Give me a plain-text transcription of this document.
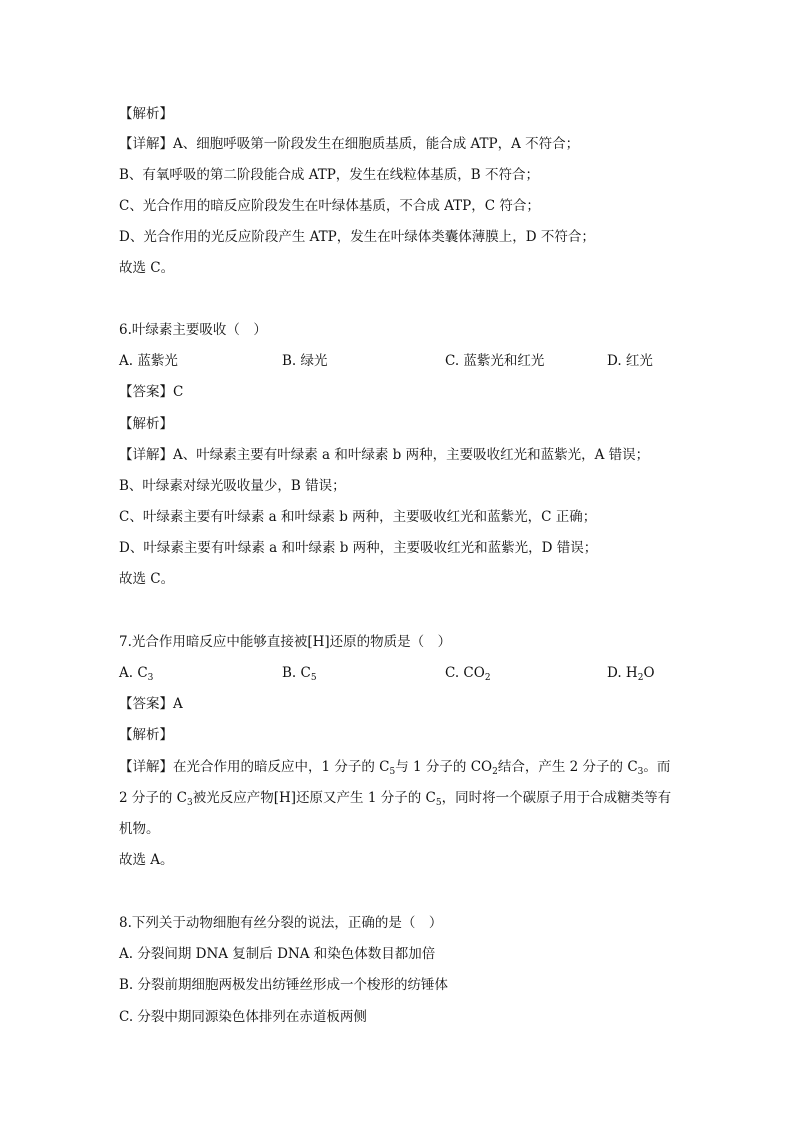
【解析】
【详解】A、细胞呼吸第一阶段发生在细胞质基质，能合成 ATP，A 不符合；
B、有氧呼吸的第二阶段能合成 ATP，发生在线粒体基质，B 不符合；
C、光合作用的暗反应阶段发生在叶绿体基质，不合成 ATP，C 符合；
D、光合作用的光反应阶段产生 ATP，发生在叶绿体类囊体薄膜上，D 不符合；
故选 C。
6.叶绿素主要吸收（　）
A. 蓝紫光	B. 绿光	C. 蓝紫光和红光	D. 红光
【答案】C
【解析】
【详解】A、叶绿素主要有叶绿素 a 和叶绿素 b 两种，主要吸收红光和蓝紫光，A 错误；
B、叶绿素对绿光吸收量少，B 错误；
C、叶绿素主要有叶绿素 a 和叶绿素 b 两种，主要吸收红光和蓝紫光，C 正确；
D、叶绿素主要有叶绿素 a 和叶绿素 b 两种，主要吸收红光和蓝紫光，D 错误；
故选 C。
7.光合作用暗反应中能够直接被[H]还原的物质是（　）
A. $C_3$	B. $C_5$	C. $CO_2$	D. $H_2O$
【答案】A
【解析】
【详解】在光合作用的暗反应中，1 分子的 $C_5$与 1 分子的 $CO_2$结合，产生 2 分子的 $C_3$。而
2 分子的 $C_3$被光反应产物[H]还原又产生 1 分子的 $C_5$，同时将一个碳原子用于合成糖类等有
机物。
故选 A。
8.下列关于动物细胞有丝分裂的说法，正确的是（　）
A. 分裂间期 DNA 复制后 DNA 和染色体数目都加倍
B. 分裂前期细胞两极发出纺锤丝形成一个梭形的纺锤体
C. 分裂中期同源染色体排列在赤道板两侧
